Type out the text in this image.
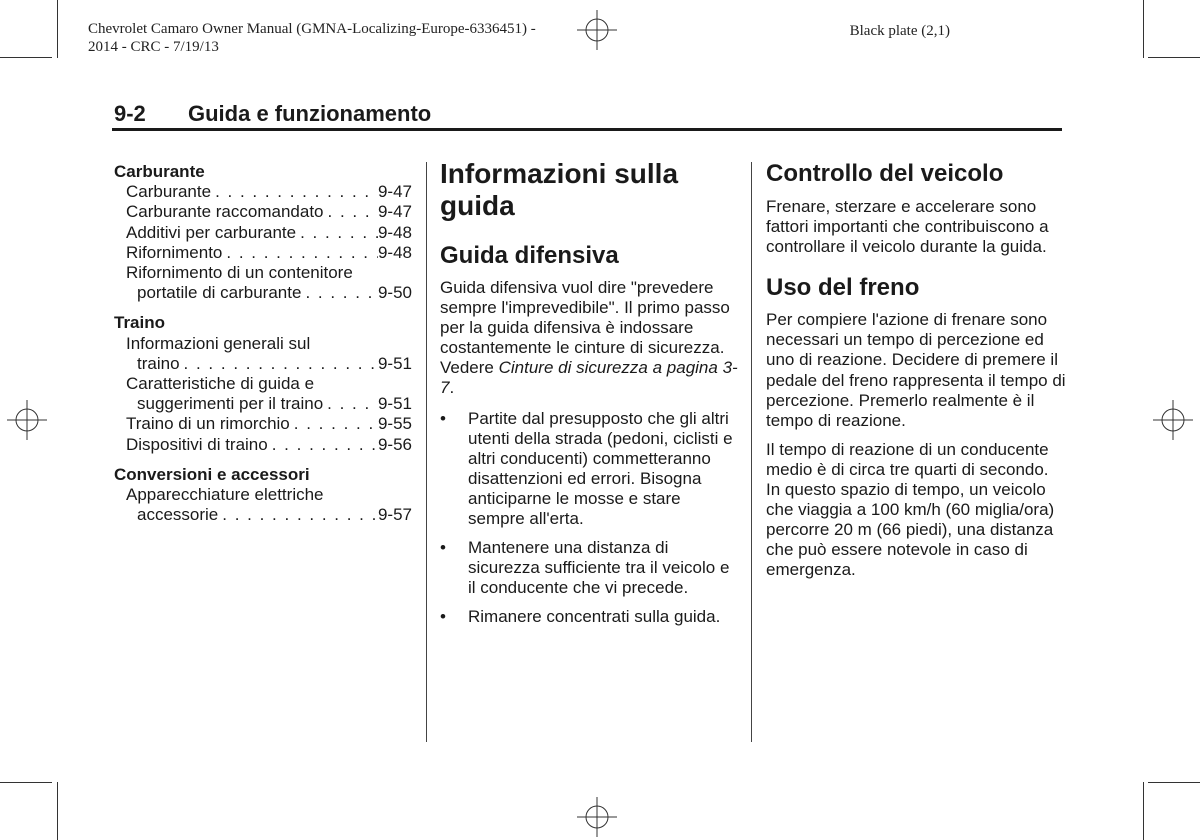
Chevrolet Camaro Owner Manual (GMNA-Localizing-Europe-6336451) -
2014 - CRC - 7/19/13
Black plate (2,1)
9-2 Guida e funzionamento
Carburante
Carburante . . .	9-47
Carburante raccomandato . . .	9-47
Additivi per carburante . . .	9-48
Rifornimento . . .	9-48
Rifornimento di un contenitore
portatile di carburante . . .	9-50
Traino
Informazioni generali sul
traino . . .	9-51
Caratteristiche di guida e
suggerimenti per il traino . . .	9-51
Traino di un rimorchio . . .	9-55
Dispositivi di traino . . .	9-56
Conversioni e accessori
Apparecchiature elettriche
accessorie . . .	9-57
Informazioni sulla guida
Guida difensiva

Guida difensiva vuol dire "prevedere sempre l'imprevedibile". Il primo passo per la guida difensiva è indossare costantemente le cinture di sicurezza. Vedere Cinture di sicurezza a pagina 3-7.

• Partite dal presupposto che gli altri utenti della strada (pedoni, ciclisti e altri conducenti) commetteranno disattenzioni ed errori. Bisogna anticiparne le mosse e stare sempre all'erta.
• Mantenere una distanza di sicurezza sufficiente tra il veicolo e il conducente che vi precede.
• Rimanere concentrati sulla guida.
Controllo del veicolo

Frenare, sterzare e accelerare sono fattori importanti che contribuiscono a controllare il veicolo durante la guida.

Uso del freno

Per compiere l'azione di frenare sono necessari un tempo di percezione ed uno di reazione. Decidere di premere il pedale del freno rappresenta il tempo di percezione. Premerlo realmente è il tempo di reazione.

Il tempo di reazione di un conducente medio è di circa tre quarti di secondo. In questo spazio di tempo, un veicolo che viaggia a 100 km/h (60 miglia/ora) percorre 20 m (66 piedi), una distanza che può essere notevole in caso di emergenza.
